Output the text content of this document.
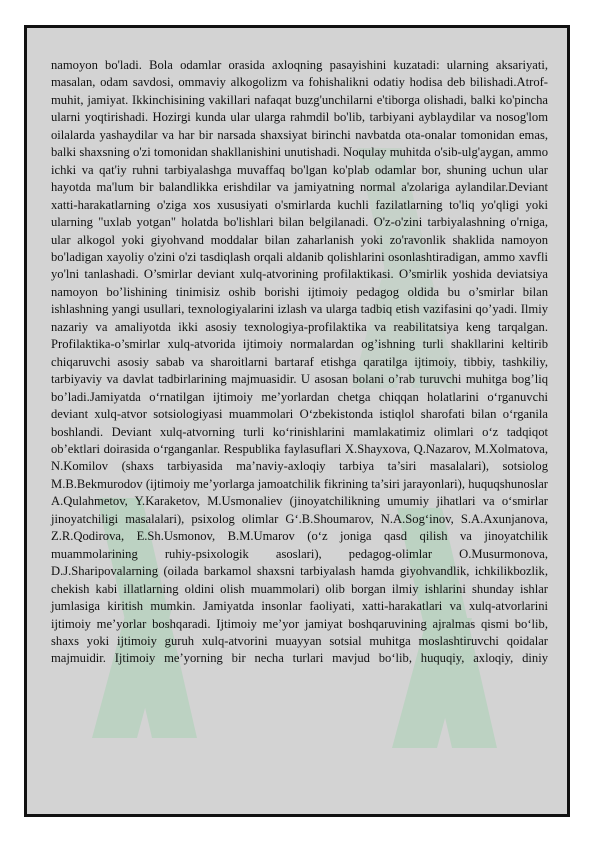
namoyon bo'ladi. Bola odamlar orasida axloqning pasayishini kuzatadi: ularning aksariyati, masalan, odam savdosi, ommaviy alkogolizm va fohishalikni odatiy hodisa deb bilishadi.Atrof-muhit, jamiyat. Ikkinchisining vakillari nafaqat buzg'unchilarni e'tiborga olishadi, balki ko'pincha ularni yoqtirishadi. Hozirgi kunda ular ularga rahmdil bo'lib, tarbiyani ayblaydilar va nosog'lom oilalarda yashaydilar va har bir narsada shaxsiyat birinchi navbatda ota-onalar tomonidan emas, balki shaxsning o'zi tomonidan shakllanishini unutishadi. Noqulay muhitda o'sib-ulg'aygan, ammo ichki va qat'iy ruhni tarbiyalashga muvaffaq bo'lgan ko'plab odamlar bor, shuning uchun ular hayotda ma'lum bir balandlikka erishdilar va jamiyatning normal a'zolariga aylandilar.Deviant xatti-harakatlarning o'ziga xos xususiyati o'smirlarda kuchli fazilatlarning to'liq yo'qligi yoki ularning "uxlab yotgan" holatda bo'lishlari bilan belgilanadi. O'z-o'zini tarbiyalashning o'rniga, ular alkogol yoki giyohvand moddalar bilan zaharlanish yoki zo'ravonlik shaklida namoyon bo'ladigan xayoliy o'zini o'zi tasdiqlash orqali aldanib qolishlarini osonlashtiradigan, ammo xavfli yo'lni tanlashadi. O’smirlar deviant xulq-atvorining profilaktikasi. O’smirlik yoshida deviatsiya namoyon bo’lishining tinimisiz oshib borishi ijtimoiy pedagog oldida bu o’smirlar bilan ishlashning yangi usullari, texnologiyalarini izlash va ularga tadbiq etish vazifasini qo’yadi. Ilmiy nazariy va amaliyotda ikki asosiy texnologiya-profilaktika va reabilitatsiya keng tarqalgan. Profilaktika-o’smirlar xulq-atvorida ijtimoiy normalardan og’ishning turli shakllarini keltirib chiqaruvchi asosiy sabab va sharoitlarni bartaraf etishga qaratilga ijtimoiy, tibbiy, tashkiliy, tarbiyaviy va davlat tadbirlarining majmuasidir. U asosan bolani o’rab turuvchi muhitga bog’liq bo’ladi.Jamiyatda o‘rnatilgan ijtimoiy me’yorlardan chetga chiqqan holatlarini o‘rganuvchi deviant xulq-atvor sotsiologiyasi muammolari O‘zbekistonda istiqlol sharofati bilan o‘rganila boshlandi. Deviant xulq-atvorning turli ko‘rinishlarini mamlakatimiz olimlari o‘z tadqiqot ob’ektlari doirasida o‘rganganlar. Respublika faylasuflari X.Shayxova, Q.Nazarov, M.Xolmatova, N.Komilov (shaxs tarbiyasida ma’naviy-axloqiy tarbiya ta’siri masalalari), sotsiolog M.B.Bekmurodov (ijtimoiy me’yorlarga jamoatchilik fikrining ta’siri jarayonlari), huquqshunoslar A.Qulahmetov, Y.Karaketov, M.Usmonaliev (jinoyatchilikning umumiy jihatlari va o‘smirlar jinoyatchiligi masalalari), psixolog olimlar G‘.B.Shoumarov, N.A.Sog‘inov, S.A.Axunjanova, Z.R.Qodirova, E.Sh.Usmonov, B.M.Umarov (o‘z joniga qasd qilish va jinoyatchilik muammolarining ruhiy-psixologik asoslari), pedagog-olimlar O.Musurmonova, D.J.Sharipovalarning (oilada barkamol shaxsni tarbiyalash hamda giyohvandlik, ichkilikbozlik, chekish kabi illatlarning oldini olish muammolari) olib borgan ilmiy ishlarini shunday ishlar jumlasiga kiritish mumkin. Jamiyatda insonlar faoliyati, xatti-harakatlari va xulq-atvorlarini ijtimoiy me’yorlar boshqaradi. Ijtimoiy me’yor jamiyat boshqaruvining ajralmas qismi bo‘lib, shaxs yoki ijtimoiy guruh xulq-atvorini muayyan sotsial muhitga moslashtiruvchi qoidalar majmuidir. Ijtimoiy me’yorning bir necha turlari mavjud bo‘lib, huquqiy, axloqiy, diniy
